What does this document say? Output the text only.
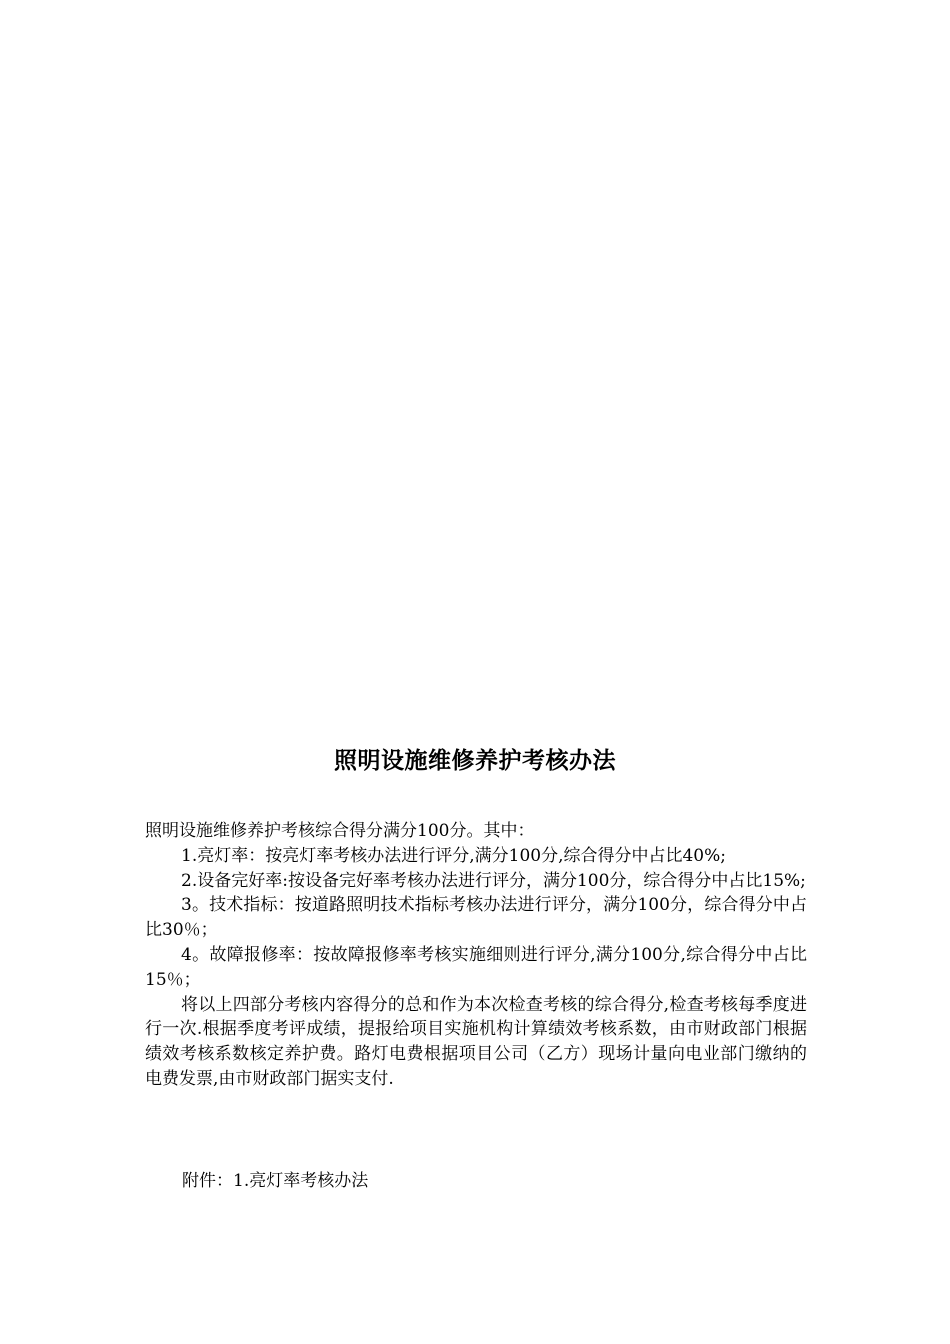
照明设施维修养护考核办法

照明设施维修养护考核综合得分满分100分。其中：

1.亮灯率：按亮灯率考核办法进行评分,满分100分,综合得分中占比40%;

2.设备完好率:按设备完好率考核办法进行评分，满分100分，综合得分中占比15%;

3。技术指标：按道路照明技术指标考核办法进行评分，满分100分，综合得分中占比30％；

4。故障报修率：按故障报修率考核实施细则进行评分,满分100分,综合得分中占比15％；

将以上四部分考核内容得分的总和作为本次检查考核的综合得分,检查考核每季度进行一次.根据季度考评成绩，提报给项目实施机构计算绩效考核系数，由市财政部门根据绩效考核系数核定养护费。路灯电费根据项目公司（乙方）现场计量向电业部门缴纳的电费发票,由市财政部门据实支付.

附件：1.亮灯率考核办法
